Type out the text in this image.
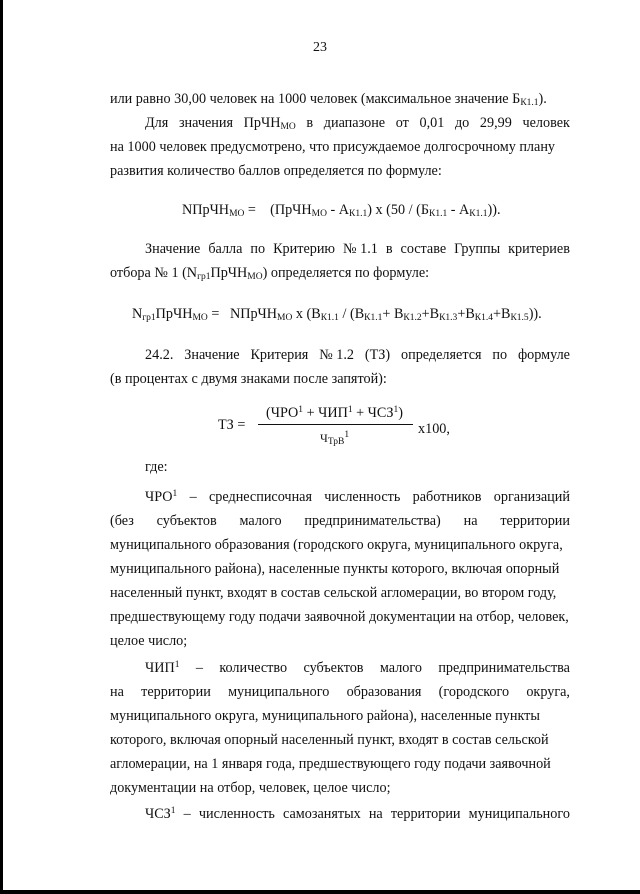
23
или равно 30,00 человек на 1000 человек (максимальное значение $Б_{К1.1}$).
Для значения ПрЧН$_{МО}$ в диапазоне от 0,01 до 29,99 человек
на 1000 человек предусмотрено, что присуждаемое долгосрочному плану
развития количество баллов определяется по формуле:
NПрЧН$_{МО}$ =    (ПрЧН$_{МО}$ - $А_{К1.1}$) х $(50 / (Б_{К1.1} - А_{К1.1}))$.
Значение балла по Критерию № 1.1 в составе Группы критериев
отбора № 1 $(N_{гр1}ПрЧН_{МО})$ определяется по формуле:
$N_{гр1}ПрЧН_{МО}$ =   NПрЧН$_{МО}$ х $(В_{К1.1} / (В_{К1.1}+ В_{К1.2}+В_{К1.3}+В_{К1.4}+В_{К1.5}))$.
24.2. Значение Критерия № 1.2 (ТЗ) определяется по формуле
(в процентах с двумя знаками после запятой):
ТЗ =
$(ЧРО^1 + ЧИП^1 + ЧСЗ^1)$
$Ч_{ТрВ}^1$	х100,
где:
ЧРО$^1$ – среднесписочная численность работников организаций
(без субъектов малого предпринимательства) на территории
муниципального образования (городского округа, муниципального округа,
муниципального района), населенные пункты которого, включая опорный
населенный пункт, входят в состав сельской агломерации, во втором году,
предшествующему году подачи заявочной документации на отбор, человек,
целое число;
ЧИП$^1$ – количество субъектов малого предпринимательства
на территории муниципального образования (городского округа,
муниципального округа, муниципального района), населенные пункты
которого, включая опорный населенный пункт, входят в состав сельской
агломерации, на 1 января года, предшествующего году подачи заявочной
документации на отбор, человек, целое число;
ЧСЗ$^1$ – численность самозанятых на территории муниципального
